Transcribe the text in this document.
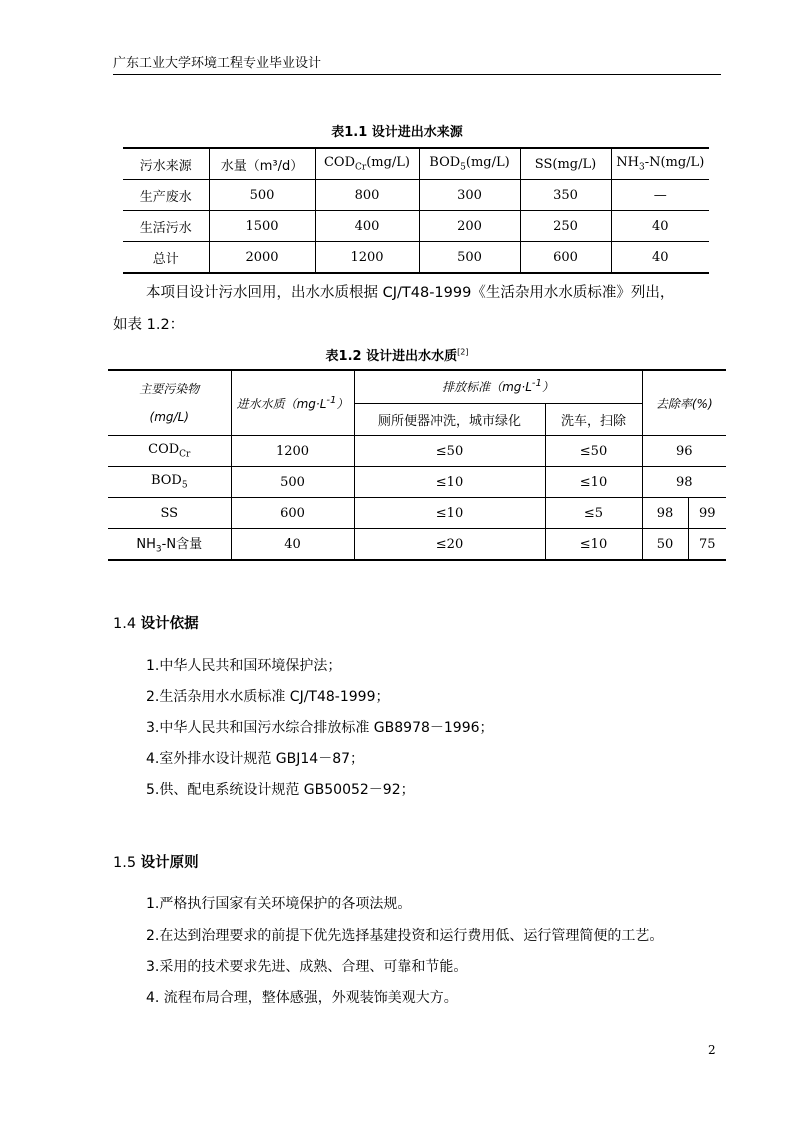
广东工业大学环境工程专业毕业设计
表1.1 设计进出水来源
污水来源	水量（m³/d）	$COD_{Cr}(mg/L)$	$BOD_5(mg/L)$	SS(mg/L)	$NH_3-N(mg/L)$
生产废水	500	800	300	350	—
生活污水	1500	400	200	250	40
总计	2000	1200	500	600	40
本项目设计污水回用，出水水质根据 CJ/T48-1999《生活杂用水水质标准》列出，
如表 1.2：
表1.2 设计进出水水质[2]
主要污染物
(mg/L)	进水水质$(mg\cdot L^{-1})$	排放标准$(mg\cdot L^{-1})$		去除率(%)	
		厕所便器冲洗，城市绿化	洗车，扫除		
$COD_{Cr}$	1200	≤50	≤50	96	
$BOD_5$	500	≤10	≤10	98	
SS	600	≤10	≤5	98	99
$NH_3-N$含量	40	≤20	≤10	50	75
1.4 设计依据
1.中华人民共和国环境保护法；
2.生活杂用水水质标准 CJ/T48-1999；
3.中华人民共和国污水综合排放标准 GB8978－1996；
4.室外排水设计规范 GBJ14－87；
5.供、配电系统设计规范 GB50052－92；
1.5 设计原则
1.严格执行国家有关环境保护的各项法规。
2.在达到治理要求的前提下优先选择基建投资和运行费用低、运行管理简便的工艺。
3.采用的技术要求先进、成熟、合理、可靠和节能。
4. 流程布局合理，整体感强，外观装饰美观大方。
2
